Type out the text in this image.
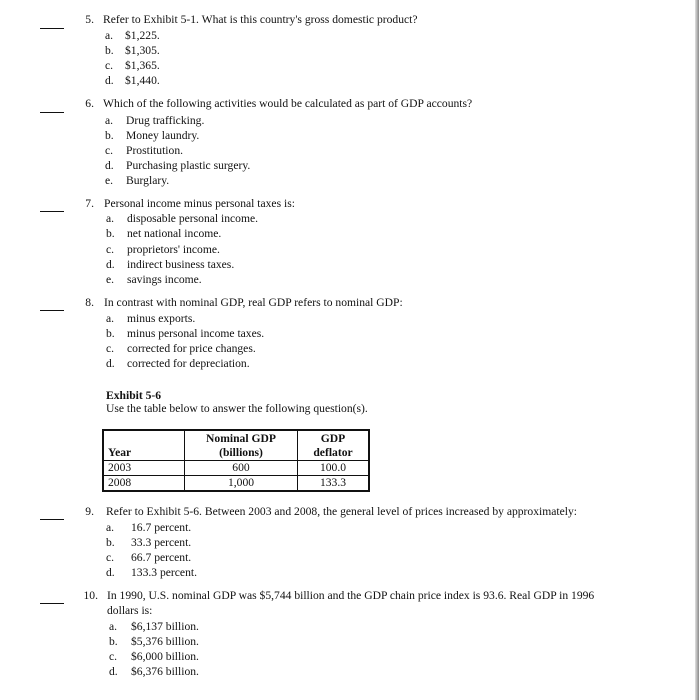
5. Refer to Exhibit 5-1. What is this country's gross domestic product?
a.	$1,225.
b. $1,305.
c.	$1,365.
d. $1,440.
6. Which of the following activities would be calculated as part of GDP accounts?
a.	Drug trafficking.
b.	Money laundry.
c.	Prostitution.
d.	Purchasing plastic surgery.
e.	Burglary.
7. Personal income minus personal taxes is:
a.	disposable personal income.
b.	net national income.
c.	proprietors' income.
d.	indirect business taxes.
e.	savings income.
8. In contrast with nominal GDP, real GDP refers to nominal GDP:
a.	minus exports.
b.	minus personal income taxes.
c.	corrected for price changes.
d.	corrected for depreciation.
Exhibit 5-6
Use the table below to answer the following question(s).
	Nominal GDP	GDP
Year	(billions)	deflator
2003	600	100.0
2008	1,000	133.3
9. Refer to Exhibit 5-6. Between 2003 and 2008, the general level of prices increased by approximately:
a.	16.7 percent.
b.	33.3 percent.
c.	66.7 percent.
d.	133.3 percent.
10. In 1990, U.S. nominal GDP was $5,744 billion and the GDP chain price index is 93.6. Real GDP in 1996
dollars is:
a.	$6,137 billion.
b.	$5,376 billion.
c.	$6,000 billion.
d.	$6,376 billion.
